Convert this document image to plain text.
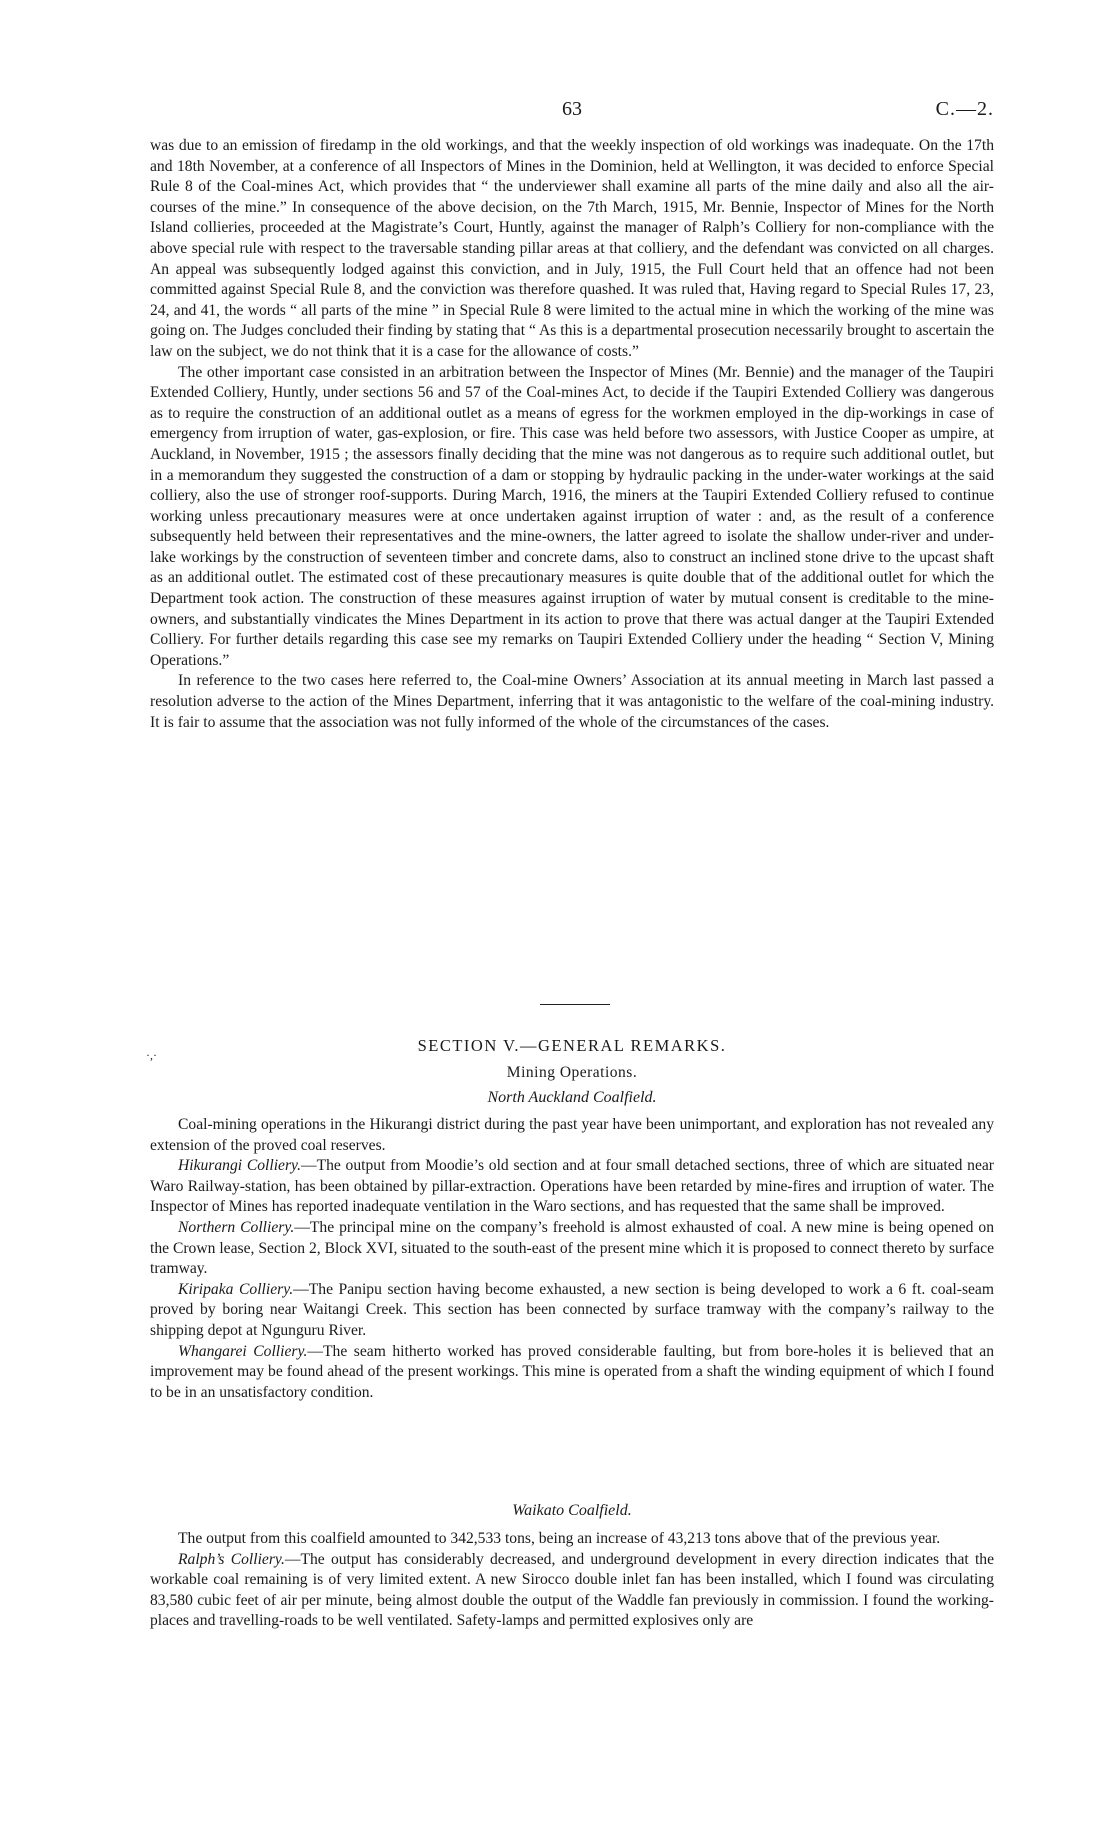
63	C.—2.

was due to an emission of firedamp in the old workings, and that the weekly inspection of old workings was inadequate. On the 17th and 18th November, at a conference of all Inspectors of Mines in the Dominion, held at Wellington, it was decided to enforce Special Rule 8 of the Coal-mines Act, which provides that “ the underviewer shall examine all parts of the mine daily and also all the air-courses of the mine.” In consequence of the above decision, on the 7th March, 1915, Mr. Bennie, Inspector of Mines for the North Island collieries, proceeded at the Magistrate’s Court, Huntly, against the manager of Ralph’s Colliery for non-compliance with the above special rule with respect to the traversable standing pillar areas at that colliery, and the defendant was convicted on all charges. An appeal was subsequently lodged against this conviction, and in July, 1915, the Full Court held that an offence had not been committed against Special Rule 8, and the conviction was therefore quashed. It was ruled that, Having regard to Special Rules 17, 23, 24, and 41, the words “ all parts of the mine ” in Special Rule 8 were limited to the actual mine in which the working of the mine was going on. The Judges concluded their finding by stating that “ As this is a departmental prosecution necessarily brought to ascertain the law on the subject, we do not think that it is a case for the allowance of costs.”

The other important case consisted in an arbitration between the Inspector of Mines (Mr. Bennie) and the manager of the Taupiri Extended Colliery, Huntly, under sections 56 and 57 of the Coal-mines Act, to decide if the Taupiri Extended Colliery was dangerous as to require the construction of an additional outlet as a means of egress for the workmen employed in the dip-workings in case of emergency from irruption of water, gas-explosion, or fire. This case was held before two assessors, with Justice Cooper as umpire, at Auckland, in November, 1915 ; the assessors finally deciding that the mine was not dangerous as to require such additional outlet, but in a memorandum they suggested the construction of a dam or stopping by hydraulic packing in the under-water workings at the said colliery, also the use of stronger roof-supports. During March, 1916, the miners at the Taupiri Extended Colliery refused to continue working unless precautionary measures were at once undertaken against irruption of water : and, as the result of a conference subsequently held between their representatives and the mine-owners, the latter agreed to isolate the shallow under-river and under-lake workings by the construction of seventeen timber and concrete dams, also to construct an inclined stone drive to the upcast shaft as an additional outlet. The estimated cost of these precautionary measures is quite double that of the additional outlet for which the Department took action. The construction of these measures against irruption of water by mutual consent is creditable to the mine-owners, and substantially vindicates the Mines Department in its action to prove that there was actual danger at the Taupiri Extended Colliery. For further details regarding this case see my remarks on Taupiri Extended Colliery under the heading “ Section V, Mining Operations.”

In reference to the two cases here referred to, the Coal-mine Owners’ Association at its annual meeting in March last passed a resolution adverse to the action of the Mines Department, inferring that it was antagonistic to the welfare of the coal-mining industry. It is fair to assume that the association was not fully informed of the whole of the circumstances of the cases.

·,·	SECTION V.—GENERAL REMARKS.
Mining Operations.
North Auckland Coalfield.

Coal-mining operations in the Hikurangi district during the past year have been unimportant, and exploration has not revealed any extension of the proved coal reserves.

Hikurangi Colliery.—The output from Moodie’s old section and at four small detached sections, three of which are situated near Waro Railway-station, has been obtained by pillar-extraction. Operations have been retarded by mine-fires and irruption of water. The Inspector of Mines has reported inadequate ventilation in the Waro sections, and has requested that the same shall be improved.

Northern Colliery.—The principal mine on the company’s freehold is almost exhausted of coal. A new mine is being opened on the Crown lease, Section 2, Block XVI, situated to the south-east of the present mine which it is proposed to connect thereto by surface tramway.

Kiripaka Colliery.—The Panipu section having become exhausted, a new section is being developed to work a 6 ft. coal-seam proved by boring near Waitangi Creek. This section has been connected by surface tramway with the company’s railway to the shipping depot at Ngunguru River.

Whangarei Colliery.—The seam hitherto worked has proved considerable faulting, but from bore-holes it is believed that an improvement may be found ahead of the present workings. This mine is operated from a shaft the winding equipment of which I found to be in an unsatisfactory condition.

Waikato Coalfield.

The output from this coalfield amounted to 342,533 tons, being an increase of 43,213 tons above that of the previous year.

Ralph’s Colliery.—The output has considerably decreased, and underground development in every direction indicates that the workable coal remaining is of very limited extent. A new Sirocco double inlet fan has been installed, which I found was circulating 83,580 cubic feet of air per minute, being almost double the output of the Waddle fan previously in commission. I found the working-places and travelling-roads to be well ventilated. Safety-lamps and permitted explosives only are
